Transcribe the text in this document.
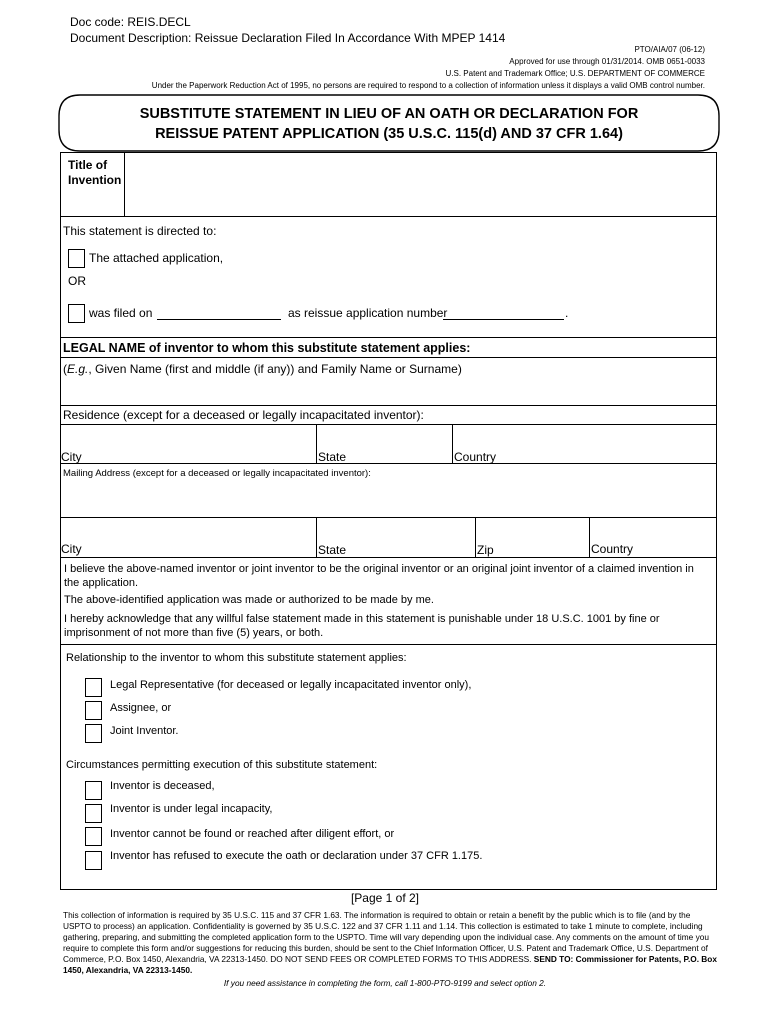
Doc code: REIS.DECL
Document Description: Reissue Declaration Filed In Accordance With MPEP 1414
PTO/AIA/07 (06-12)
Approved for use through 01/31/2014. OMB 0651-0033
U.S. Patent and Trademark Office; U.S. DEPARTMENT OF COMMERCE
Under the Paperwork Reduction Act of 1995, no persons are required to respond to a collection of information unless it displays a valid OMB control number.
SUBSTITUTE STATEMENT IN LIEU OF AN OATH OR DECLARATION FOR
REISSUE PATENT APPLICATION (35 U.S.C. 115(d) AND 37 CFR 1.64)
Title of
Invention
This statement is directed to:
The attached application,
OR
was filed on	as reissue application number	.
LEGAL NAME of inventor to whom this substitute statement applies:
(E.g., Given Name (first and middle (if any)) and Family Name or Surname)
Residence (except for a deceased or legally incapacitated inventor):
City	State	Country
Mailing Address (except for a deceased or legally incapacitated inventor):
City	State	Zip	Country
I believe the above-named inventor or joint inventor to be the original inventor or an original joint inventor of a claimed invention in the application.
The above-identified application was made or authorized to be made by me.
I hereby acknowledge that any willful false statement made in this statement is punishable under 18 U.S.C. 1001 by fine or imprisonment of not more than five (5) years, or both.
Relationship to the inventor to whom this substitute statement applies:
Legal Representative (for deceased or legally incapacitated inventor only),
Assignee, or
Joint Inventor.
Circumstances permitting execution of this substitute statement:
Inventor is deceased,
Inventor is under legal incapacity,
Inventor cannot be found or reached after diligent effort, or
Inventor has refused to execute the oath or declaration under 37 CFR 1.175.
[Page 1 of 2]
This collection of information is required by 35 U.S.C. 115 and 37 CFR 1.63. The information is required to obtain or retain a benefit by the public which is to file (and by the USPTO to process) an application. Confidentiality is governed by 35 U.S.C. 122 and 37 CFR 1.11 and 1.14. This collection is estimated to take 1 minute to complete, including gathering, preparing, and submitting the completed application form to the USPTO. Time will vary depending upon the individual case. Any comments on the amount of time you require to complete this form and/or suggestions for reducing this burden, should be sent to the Chief Information Officer, U.S. Patent and Trademark Office, U.S. Department of Commerce, P.O. Box 1450, Alexandria, VA 22313-1450. DO NOT SEND FEES OR COMPLETED FORMS TO THIS ADDRESS. SEND TO: Commissioner for Patents, P.O. Box 1450, Alexandria, VA 22313-1450.
If you need assistance in completing the form, call 1-800-PTO-9199 and select option 2.
